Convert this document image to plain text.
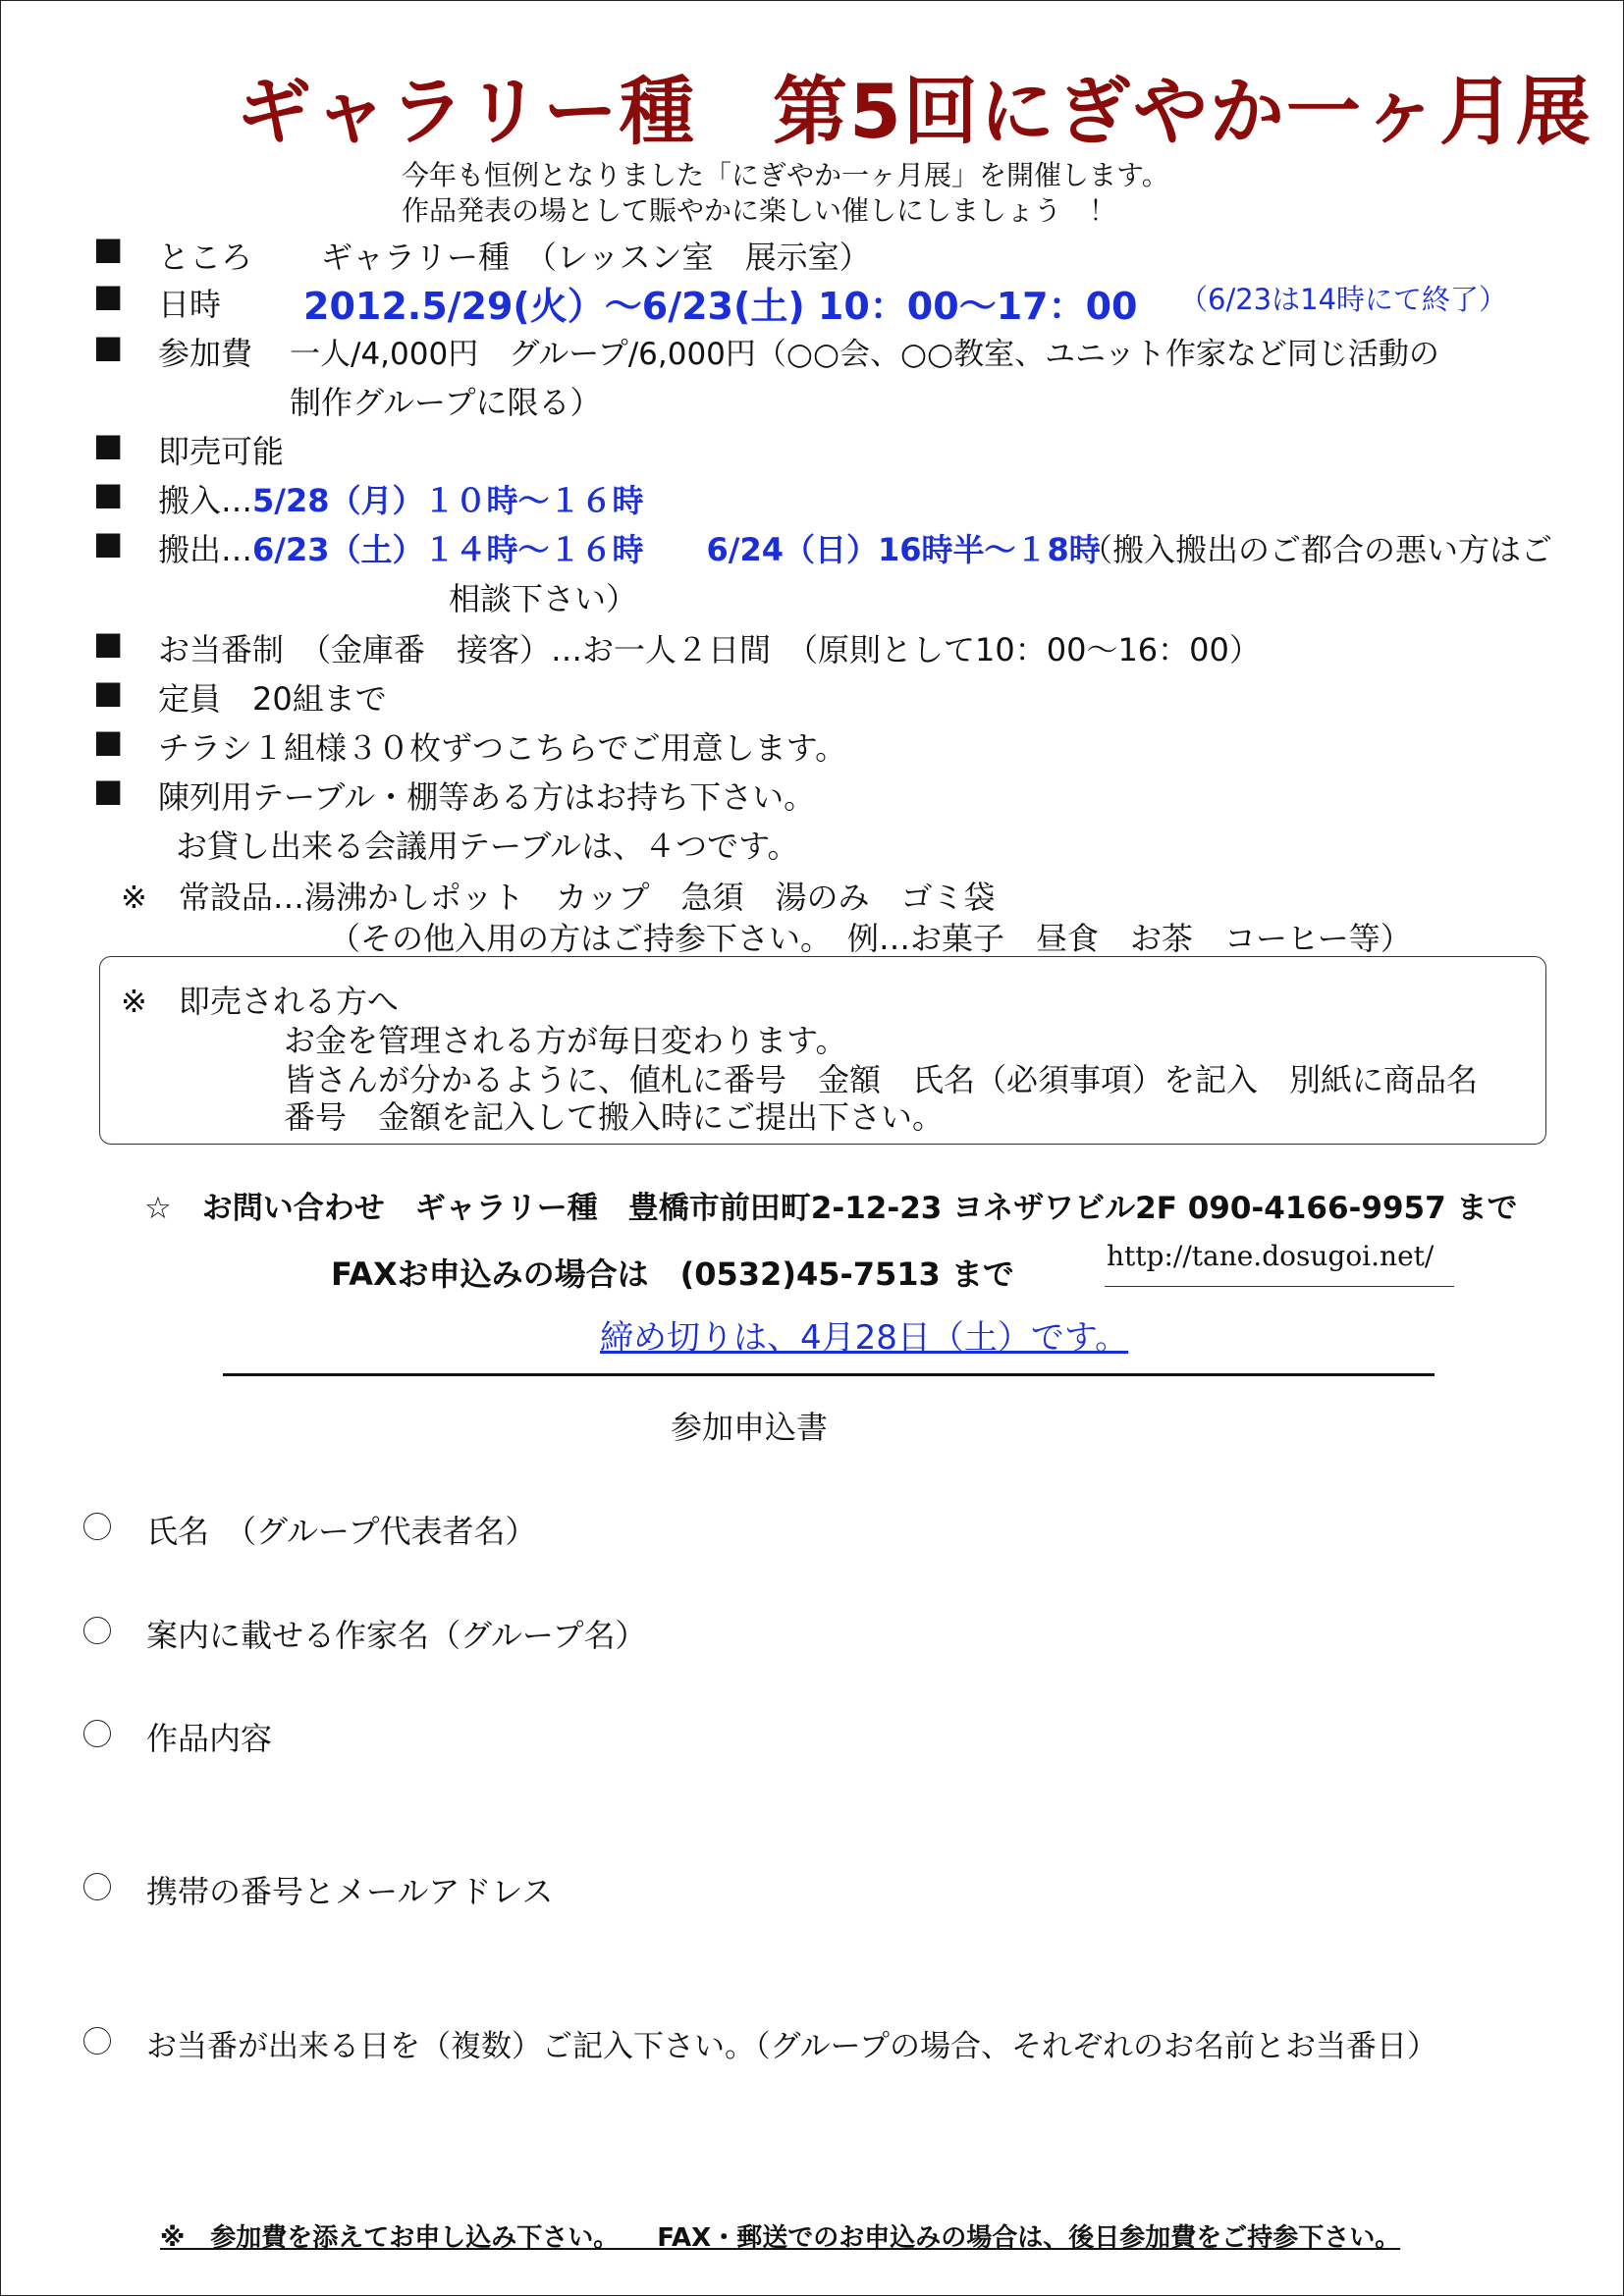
ギャラリー種　第5回にぎやか一ヶ月展
今年も恒例となりました「にぎやか一ヶ月展」を開催します。
作品発表の場として賑やかに楽しい催しにしましょう　！
■ ところ ギャラリー種　（レッスン室　展示室）
■ 日時 2012.5/29(火）～6/23(土) 10：00～17：00 （6/23は14時にて終了）
■ 参加費 一人/4,000円　グループ/6,000円（○○会、○○教室、ユニット作家など同じ活動の
制作グループに限る）
■ 即売可能
■ 搬入… 5/28（月）１０時～１６時
■ 搬出… 6/23（土）１４時～１６時　　6/24（日）16時半～１8時
（搬入搬出のご都合の悪い方はご
相談下さい）
■ お当番制　（金庫番　接客）…お一人２日間　（原則として10：00～16：00）
■ 定員　20組まで
■ チラシ１組様３０枚ずつこちらでご用意します。
■ 陳列用テーブル・棚等ある方はお持ち下さい。
お貸し出来る会議用テーブルは、４つです。
※　常設品…湯沸かしポット　カップ　急須　湯のみ　ゴミ袋
（その他入用の方はご持参下さい。　例…お菓子　昼食　お茶　コーヒー等）
※　即売される方へ
お金を管理される方が毎日変わります。
皆さんが分かるように、値札に番号　金額　氏名（必須事項）を記入　別紙に商品名
番号　金額を記入して搬入時にご提出下さい。
☆　お問い合わせ　ギャラリー種　豊橋市前田町2-12-23 ヨネザワビル2F 090-4166-9957 まで
FAXお申込みの場合は　(0532)45-7513 まで	http://tane.dosugoi.net/
締め切りは、4月28日（土）です。
参加申込書
氏名　（グループ代表者名）
案内に載せる作家名（グループ名）
作品内容
携帯の番号とメールアドレス
お当番が出来る日を（複数）ご記入下さい。（グループの場合、それぞれのお名前とお当番日）
※　参加費を添えてお申し込み下さい。　　FAX・郵送でのお申込みの場合は、後日参加費をご持参下さい。
